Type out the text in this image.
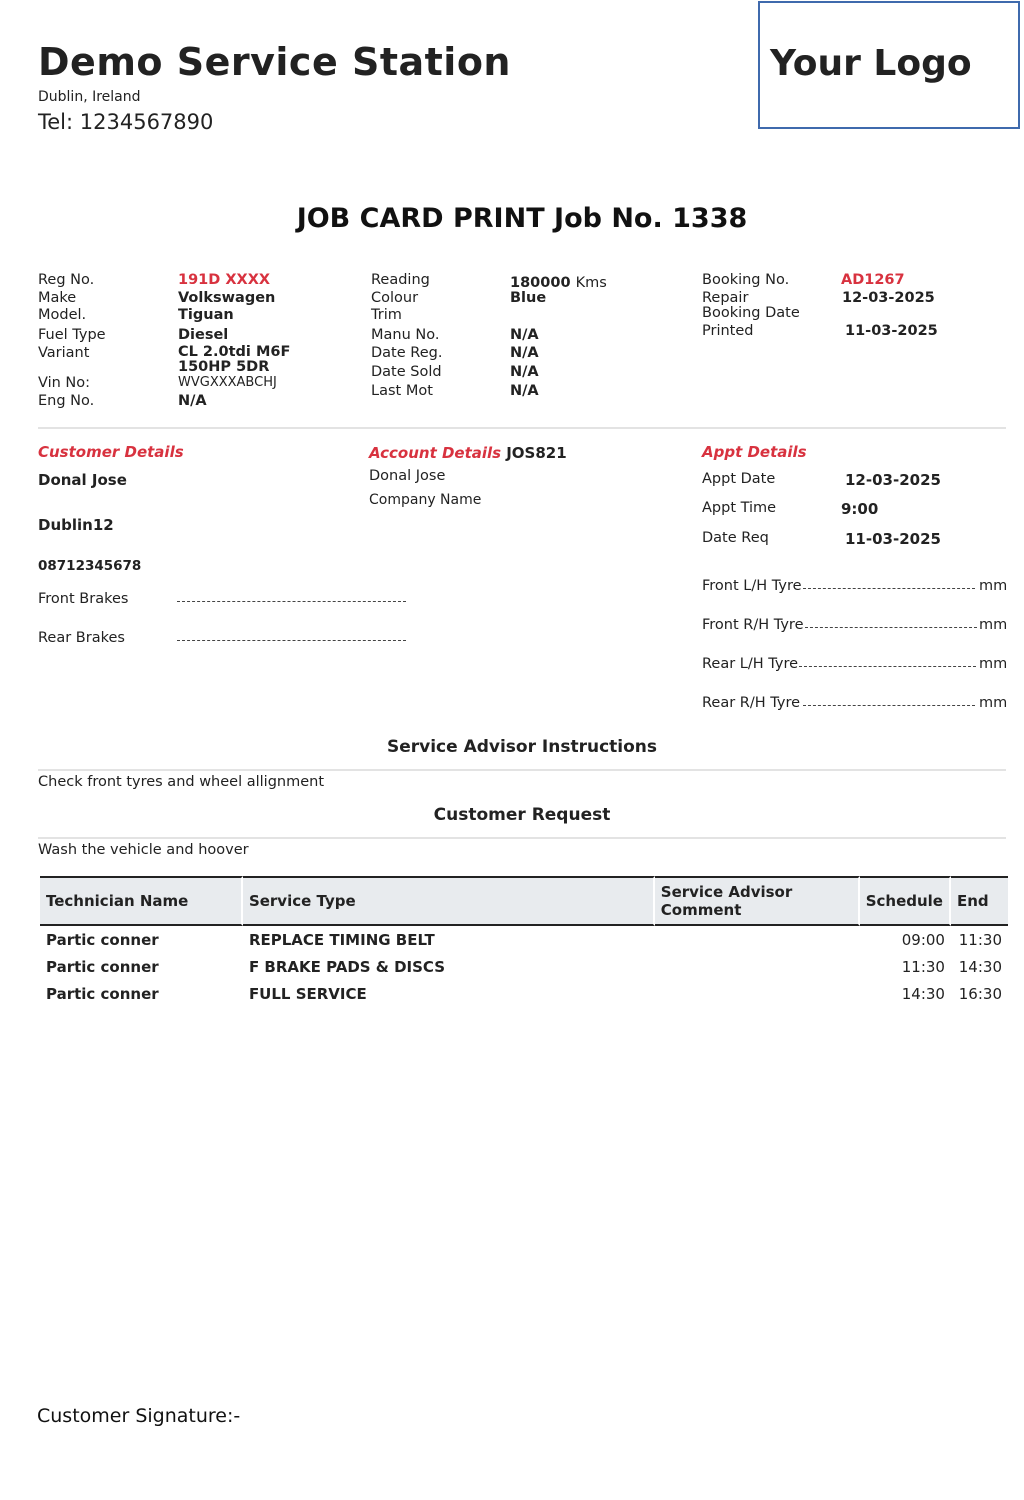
Demo Service Station
Dublin, Ireland
Tel: 1234567890
Your Logo
JOB CARD PRINT Job No. 1338
Reg No.	191D XXXX
Make	Volkswagen
Model.	Tiguan
Fuel Type	Diesel
Variant	CL 2.0tdi M6F
150HP 5DR
Vin No:	WVGXXXABCHJ
Eng No.	N/A
Reading	180000 Kms
Colour	Blue
Trim
Manu No.	N/A
Date Reg.	N/A
Date Sold	N/A
Last Mot	N/A
Booking No.	AD1267
Repair	12-03-2025
Booking Date
Printed	11-03-2025
Customer Details
Donal Jose
Dublin12
08712345678
Front Brakes
Rear Brakes
Account Details JOS821
Donal Jose
Company Name
Appt Details
Appt Date	12-03-2025
Appt Time	9:00
Date Req	11-03-2025
Front L/H Tyre	mm
Front R/H Tyre	mm
Rear L/H Tyre	mm
Rear R/H Tyre	mm
Service Advisor Instructions
Check front tyres and wheel allignment
Customer Request
Wash the vehicle and hoover
Technician Name	Service Type	Service Advisor Comment	Schedule	End
Partic conner	REPLACE TIMING BELT		09:00	11:30
Partic conner	F BRAKE PADS & DISCS		11:30	14:30
Partic conner	FULL SERVICE		14:30	16:30
Customer Signature:-
